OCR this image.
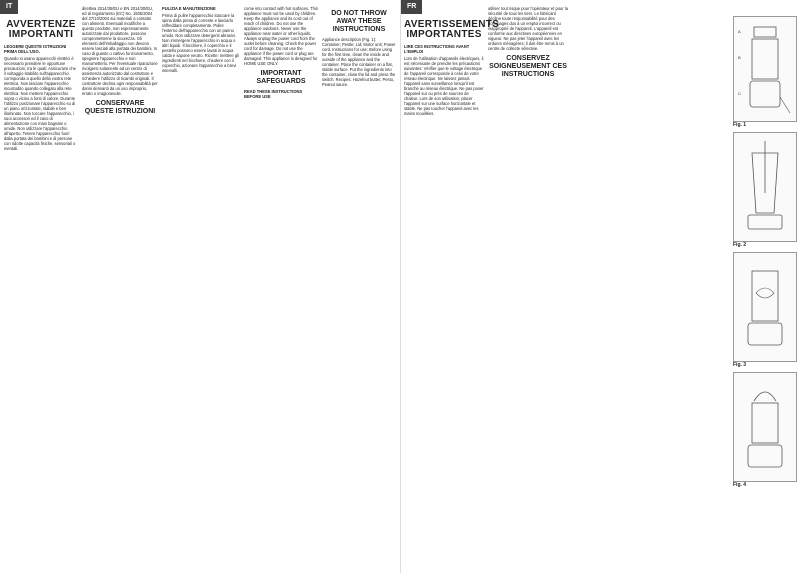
IT
AVVERTENZE IMPORTANTI

LEGGERE QUESTE ISTRUZIONI PRIMA DELL'USO.

Quando si usano apparecchi elettrici è necessario prendere le opportune precauzioni, tra le quali: Assicurarsi che il voltaggio stabilito sull'apparecchio corrisponda a quello della vostra rete elettrica. Non lasciare l'apparecchio incustodito quando collegato alla rete elettrica. Non mettere l'apparecchio sopra o vicino a fonti di calore. Durante l'utilizzo posizionare l'apparecchio su di un piano orizzontale, stabile e ben illuminato. Non toccare l'apparecchio, i suoi accessori ed il cavo di alimentazione con mani bagnate o umide. Non utilizzare l'apparecchio all'aperto. Tenere l'apparecchio fuori dalla portata dei bambini e di persone con ridotte capacità fisiche, sensoriali o mentali.

direttiva 2014/35/EU e EN 2014/30/EU, ed al regolamento (EC) No. 1935/2004 del 27/10/2004 sui materiali a contatto con alimenti. Eventuali modifiche a questo prodotto, non espressamente autorizzate dal produttore, possono comprometterne la sicurezza. Gli elementi dell'imballaggio non devono essere lasciati alla portata dei bambini. In caso di guasto o cattivo funzionamento, spegnere l'apparecchio e non manometterlo. Per l'eventuale riparazione rivolgersi solamente ad un centro di assistenza autorizzato dal costruttore e richiedere l'utilizzo di ricambi originali. Il costruttore declina ogni responsabilità per danni derivanti da un uso improprio, errato o irragionevole.

CONSERVARE QUESTE ISTRUZIONI

PULIZIA E MANUTENZIONE

Prima di pulire l'apparecchio staccare la spina dalla presa di corrente e lasciarlo raffreddare completamente. Pulire l'esterno dell'apparecchio con un panno umido. Non utilizzare detergenti abrasivi. Non immergere l'apparecchio in acqua o altri liquidi. Il bicchiere, il coperchio e il pestello possono essere lavati in acqua calda e sapone neutro. Ricette: mettere gli ingredienti nel bicchiere, chiudere con il coperchio, azionare l'apparecchio a brevi intervalli.

come into contact with hot surfaces. This appliance must not be used by children. Keep the appliance and its cord out of reach of children. Do not use the appliance outdoors. Never use the appliance near water or other liquids. Always unplug the power cord from the outlet before cleaning. Check the power cord for damage. Do not use the appliance if the power cord or plug are damaged. This appliance is designed for HOME USE ONLY.

IMPORTANT SAFEGUARDS

READ THESE INSTRUCTIONS BEFORE USE

DO NOT THROW AWAY THESE INSTRUCTIONS

Appliance description (Fig. 1): Container; Pestle; Lid; Motor unit; Power cord. Instructions for use: Before using for the first time, clean the inside and outside of the appliance and the container. Place the container on a flat, stable surface. Put the ingredients into the container, close the lid and press the switch. Recipes: Hazelnut butter, Pesto, Peanut sauce.

FR
AVERTISSEMENTS IMPORTANTES

LIRE CES INSTRUCTIONS AVANT L'EMPLOI

Lors de l'utilisation d'appareils électriques, il est nécessaire de prendre les précautions suivantes: Vérifier que le voltage électrique de l'appareil corresponde à celui de votre réseau électrique. Ne laissez jamais l'appareil sans surveillance lorsqu'il est branché au réseau électrique. Ne pas poser l'appareil sur ou près de sources de chaleur. Lors de son utilisation, placer l'appareil sur une surface horizontale et stable. Ne pas toucher l'appareil avec les mains mouillées.

utiliser tout risque pour l'opérateur et pour la sécurité de tous les tiers. Le fabricant décline toute responsabilité pour des dommages dus à un emploi incorrect ou inapproprié de l'appareil. L'appareil est conforme aux directives européennes en vigueur. Ne pas jeter l'appareil avec les ordures ménagères; il doit être remis à un centre de collecte sélective.

CONSERVEZ SOIGNEUSEMENT CES INSTRUCTIONS
A
B
C
Fig. 1
Fig. 2
Fig. 3
Fig. 4
